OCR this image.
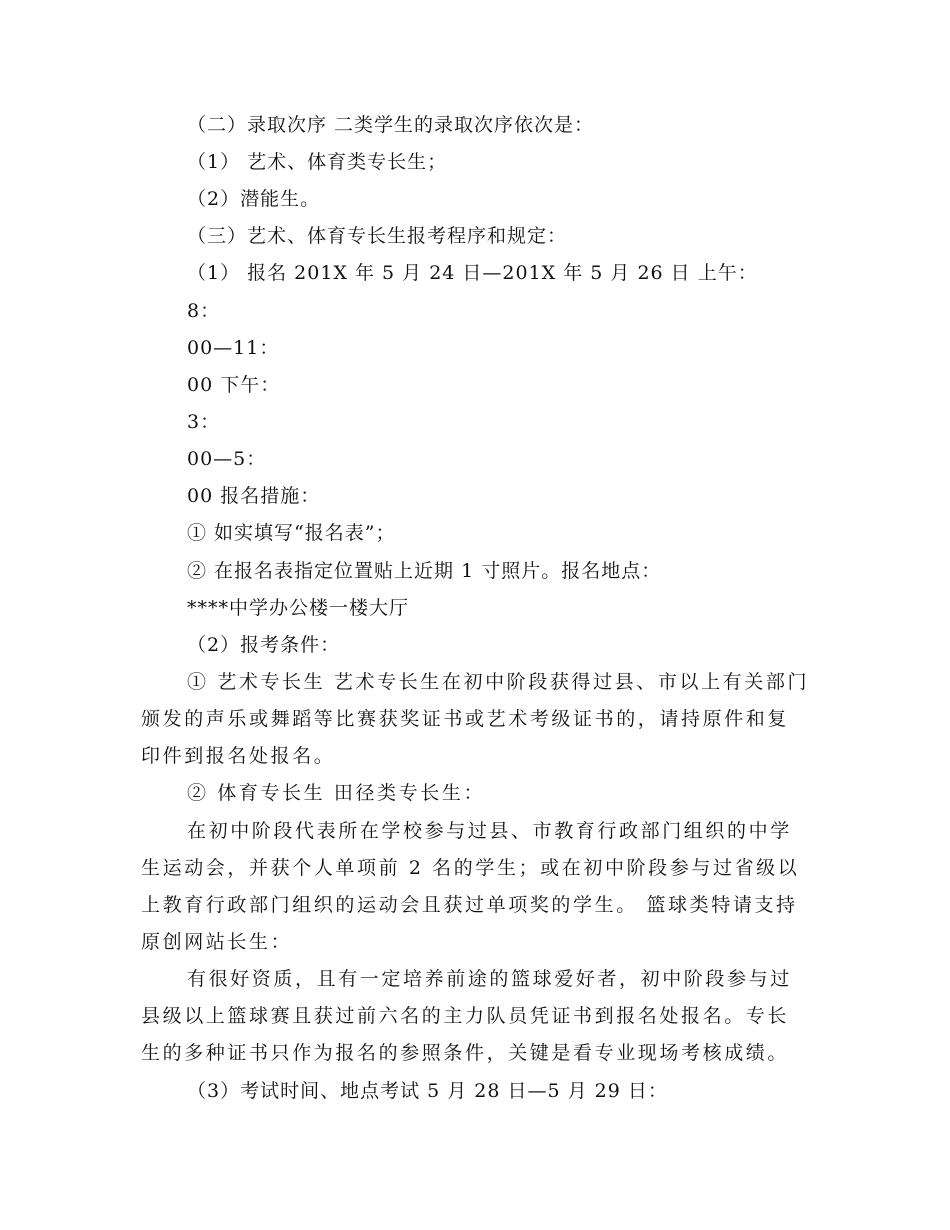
（二）录取次序 二类学生的录取次序依次是：
（1） 艺术、体育类专长生；
（2）潜能生。
（三）艺术、体育专长生报考程序和规定：
（1） 报名 201X 年 5 月 24 日—201X 年 5 月 26 日 上午：
8：
00—11：
00 下午：
3：
00—5：
00 报名措施：
① 如实填写“报名表”；
② 在报名表指定位置贴上近期 1 寸照片。报名地点：
****中学办公楼一楼大厅
（2）报考条件：
① 艺术专长生 艺术专长生在初中阶段获得过县、市以上有关部门
颁发的声乐或舞蹈等比赛获奖证书或艺术考级证书的，请持原件和复
印件到报名处报名。
② 体育专长生 田径类专长生：
在初中阶段代表所在学校参与过县、市教育行政部门组织的中学
生运动会，并获个人单项前 2 名的学生；或在初中阶段参与过省级以
上教育行政部门组织的运动会且获过单项奖的学生。 篮球类特请支持
原创网站长生：
有很好资质，且有一定培养前途的篮球爱好者，初中阶段参与过
县级以上篮球赛且获过前六名的主力队员凭证书到报名处报名。专长
生的多种证书只作为报名的参照条件，关键是看专业现场考核成绩。
（3）考试时间、地点考试 5 月 28 日—5 月 29 日：
